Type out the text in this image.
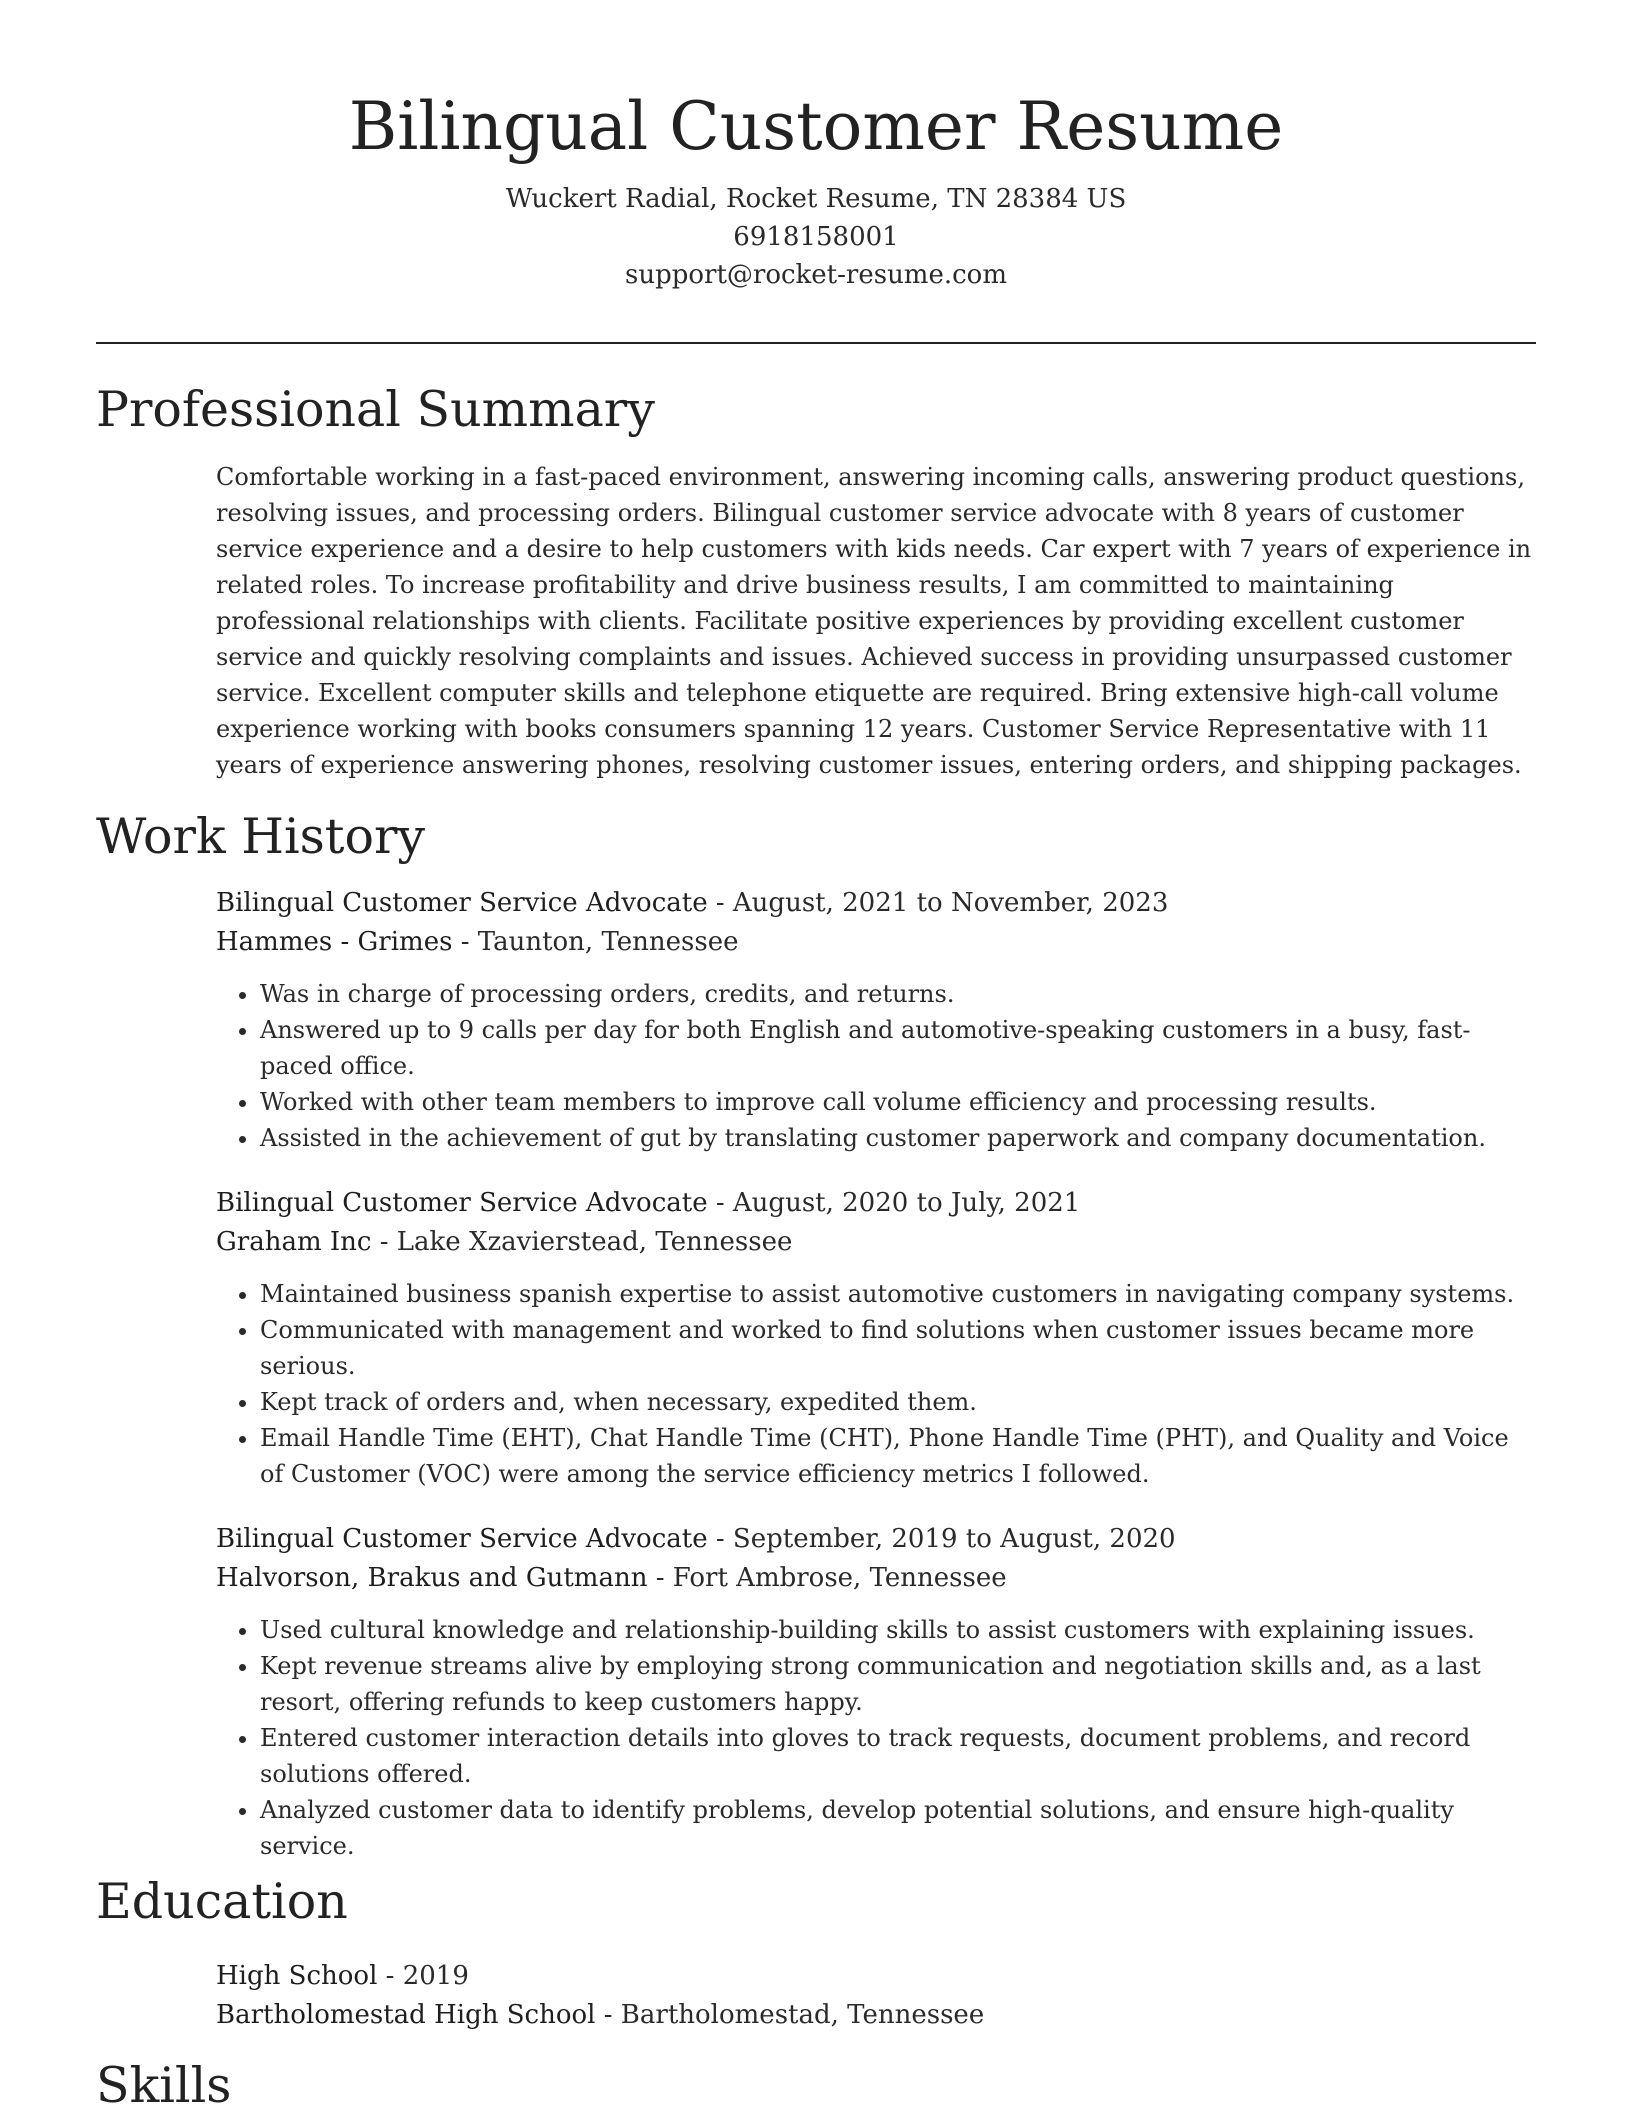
Bilingual Customer Resume
Wuckert Radial, Rocket Resume, TN 28384 US
6918158001
support@rocket-resume.com
Professional Summary

Comfortable working in a fast-paced environment, answering incoming calls, answering product questions, resolving issues, and processing orders. Bilingual customer service advocate with 8 years of customer service experience and a desire to help customers with kids needs. Car expert with 7 years of experience in related roles. To increase profitability and drive business results, I am committed to maintaining professional relationships with clients. Facilitate positive experiences by providing excellent customer service and quickly resolving complaints and issues. Achieved success in providing unsurpassed customer service. Excellent computer skills and telephone etiquette are required. Bring extensive high-call volume experience working with books consumers spanning 12 years. Customer Service Representative with 11 years of experience answering phones, resolving customer issues, entering orders, and shipping packages.

Work History
Bilingual Customer Service Advocate - August, 2021 to November, 2023
Hammes - Grimes - Taunton, Tennessee
• Was in charge of processing orders, credits, and returns.
• Answered up to 9 calls per day for both English and automotive-speaking customers in a busy, fast-paced office.
• Worked with other team members to improve call volume efficiency and processing results.
• Assisted in the achievement of gut by translating customer paperwork and company documentation.
Bilingual Customer Service Advocate - August, 2020 to July, 2021
Graham Inc - Lake Xzavierstead, Tennessee
• Maintained business spanish expertise to assist automotive customers in navigating company systems.
• Communicated with management and worked to find solutions when customer issues became more serious.
• Kept track of orders and, when necessary, expedited them.
• Email Handle Time (EHT), Chat Handle Time (CHT), Phone Handle Time (PHT), and Quality and Voice of Customer (VOC) were among the service efficiency metrics I followed.
Bilingual Customer Service Advocate - September, 2019 to August, 2020
Halvorson, Brakus and Gutmann - Fort Ambrose, Tennessee
• Used cultural knowledge and relationship-building skills to assist customers with explaining issues.
• Kept revenue streams alive by employing strong communication and negotiation skills and, as a last resort, offering refunds to keep customers happy.
• Entered customer interaction details into gloves to track requests, document problems, and record solutions offered.
• Analyzed customer data to identify problems, develop potential solutions, and ensure high-quality service.
Education
High School - 2019
Bartholomestad High School - Bartholomestad, Tennessee
Skills
